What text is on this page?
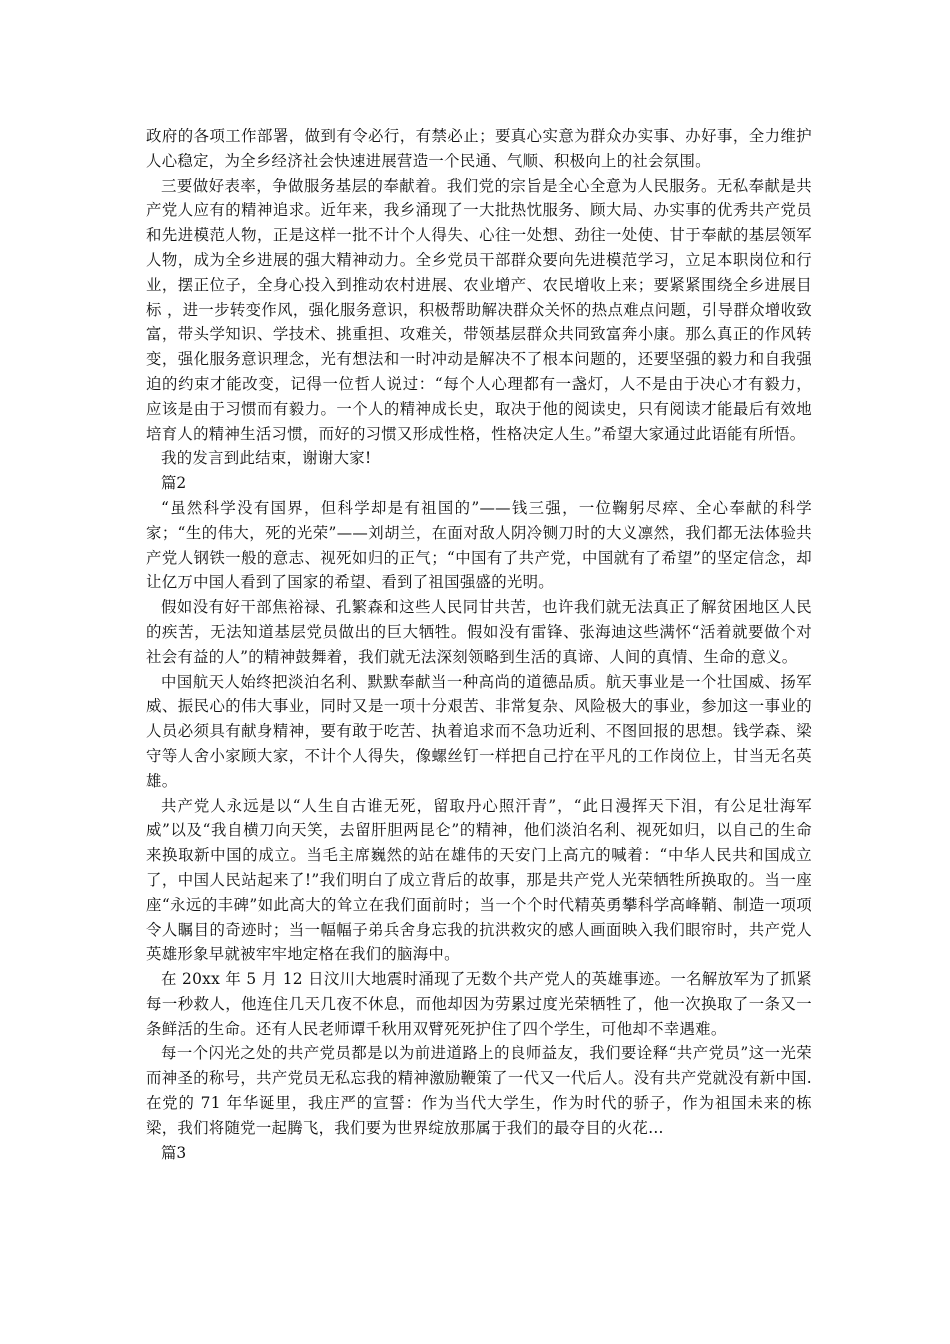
政府的各项工作部署，做到有令必行，有禁必止；要真心实意为群众办实事、办好事，全力维护人心稳定，为全乡经济社会快速进展营造一个民通、气顺、积极向上的社会氛围。

三要做好表率，争做服务基层的奉献着。我们党的宗旨是全心全意为人民服务。无私奉献是共产党人应有的精神追求。近年来，我乡涌现了一大批热忱服务、顾大局、办实事的优秀共产党员和先进模范人物，正是这样一批不计个人得失、心往一处想、劲往一处使、甘于奉献的基层领军人物，成为全乡进展的强大精神动力。全乡党员干部群众要向先进模范学习，立足本职岗位和行业，摆正位子，全身心投入到推动农村进展、农业增产、农民增收上来；要紧紧围绕全乡进展目标 ，进一步转变作风，强化服务意识，积极帮助解决群众关怀的热点难点问题，引导群众增收致富，带头学知识、学技术、挑重担、攻难关，带领基层群众共同致富奔小康。那么真正的作风转变，强化服务意识理念，光有想法和一时冲动是解决不了根本问题的，还要坚强的毅力和自我强迫的约束才能改变，记得一位哲人说过：“每个人心理都有一盏灯，人不是由于决心才有毅力，应该是由于习惯而有毅力。一个人的精神成长史，取决于他的阅读史，只有阅读才能最后有效地培育人的精神生活习惯，而好的习惯又形成性格，性格决定人生。”希望大家通过此语能有所悟。

我的发言到此结束，谢谢大家!

篇2

“虽然科学没有国界，但科学却是有祖国的”——钱三强，一位鞠躬尽瘁、全心奉献的科学家；“生的伟大，死的光荣”——刘胡兰，在面对敌人阴冷铡刀时的大义凛然，我们都无法体验共产党人钢铁一般的意志、视死如归的正气；“中国有了共产党，中国就有了希望”的坚定信念，却让亿万中国人看到了国家的希望、看到了祖国强盛的光明。

假如没有好干部焦裕禄、孔繁森和这些人民同甘共苦，也许我们就无法真正了解贫困地区人民的疾苦，无法知道基层党员做出的巨大牺牲。假如没有雷锋、张海迪这些满怀“活着就要做个对社会有益的人”的精神鼓舞着，我们就无法深刻领略到生活的真谛、人间的真情、生命的意义。

中国航天人始终把淡泊名利、默默奉献当一种高尚的道德品质。航天事业是一个壮国威、扬军威、振民心的伟大事业，同时又是一项十分艰苦、非常复杂、风险极大的事业，参加这一事业的人员必须具有献身精神，要有敢于吃苦、执着追求而不急功近利、不图回报的思想。钱学森、梁守等人舍小家顾大家，不计个人得失，像螺丝钉一样把自己拧在平凡的工作岗位上，甘当无名英雄。

共产党人永远是以“人生自古谁无死，留取丹心照汗青”，“此日漫挥天下泪，有公足壮海军威”以及“我自横刀向天笑，去留肝胆两昆仑”的精神，他们淡泊名利、视死如归，以自己的生命来换取新中国的成立。当毛主席巍然的站在雄伟的天安门上高亢的喊着：“中华人民共和国成立了，中国人民站起来了!”我们明白了成立背后的故事，那是共产党人光荣牺牲所换取的。当一座座“永远的丰碑”如此高大的耸立在我们面前时；当一个个时代精英勇攀科学高峰鞘、制造一项项令人瞩目的奇迹时；当一幅幅子弟兵舍身忘我的抗洪救灾的感人画面映入我们眼帘时，共产党人英雄形象早就被牢牢地定格在我们的脑海中。

在 20xx 年 5 月 12 日汶川大地震时涌现了无数个共产党人的英雄事迹。一名解放军为了抓紧每一秒救人，他连住几天几夜不休息，而他却因为劳累过度光荣牺牲了，他一次换取了一条又一条鲜活的生命。还有人民老师谭千秋用双臂死死护住了四个学生，可他却不幸遇难。

每一个闪光之处的共产党员都是以为前进道路上的良师益友，我们要诠释“共产党员”这一光荣而神圣的称号，共产党员无私忘我的精神激励鞭策了一代又一代后人。没有共产党就没有新中国.在党的 71 年华诞里，我庄严的宣誓：作为当代大学生，作为时代的骄子，作为祖国未来的栋梁，我们将随党一起腾飞，我们要为世界绽放那属于我们的最夺目的火花…

篇3
